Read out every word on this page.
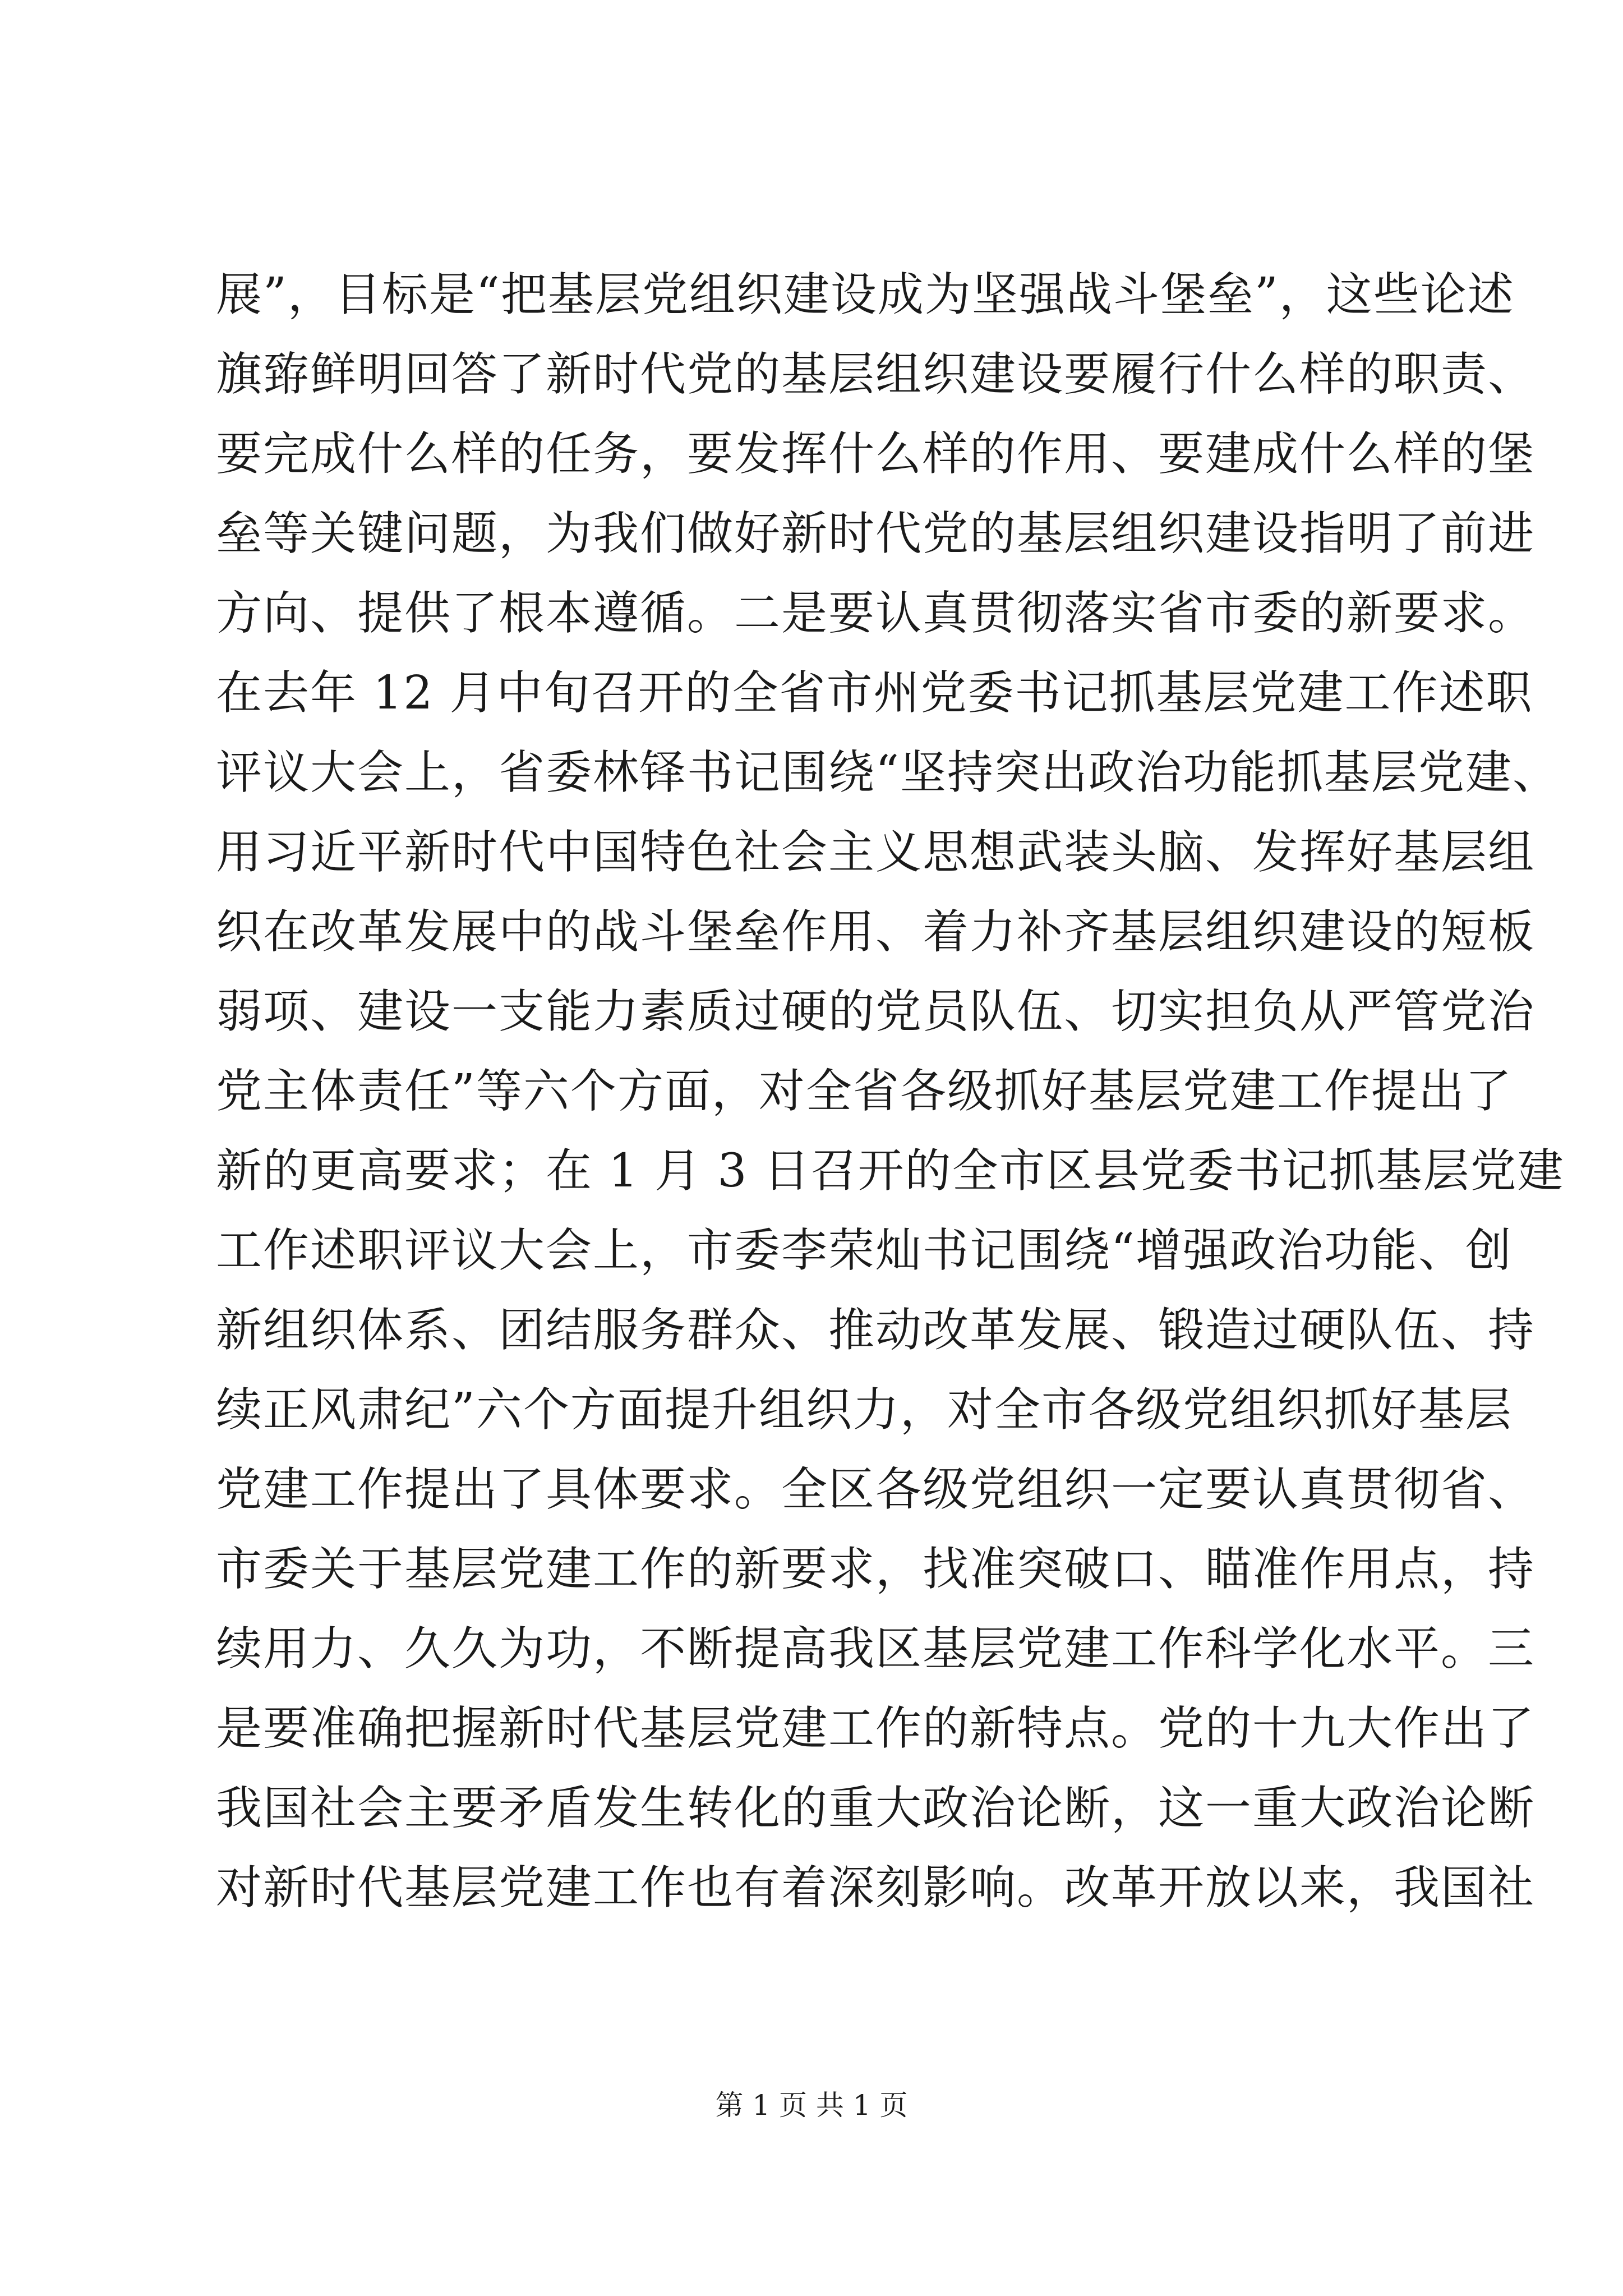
展”，目标是“把基层党组织建设成为坚强战斗堡垒”，这些论述
旗臶鲜明回答了新时代党的基层组织建设要履行什么样的职责、
要完成什么样的任务，要发挥什么样的作用、要建成什么样的堡
垒等关键问题，为我们做好新时代党的基层组织建设指明了前进
方向、提供了根本遵循。二是要认真贯彻落实省市委的新要求。
在去年 12 月中旬召开的全省市州党委书记抓基层党建工作述职
评议大会上，省委林铎书记围绕“坚持突出政治功能抓基层党建、
用习近平新时代中国特色社会主义思想武装头脑、发挥好基层组
织在改革发展中的战斗堡垒作用、着力补齐基层组织建设的短板
弱项、建设一支能力素质过硬的党员队伍、切实担负从严管党治
党主体责任”等六个方面，对全省各级抓好基层党建工作提出了
新的更高要求；在 1 月 3 日召开的全市区县党委书记抓基层党建
工作述职评议大会上，市委李荣灿书记围绕“增强政治功能、创
新组织体系、团结服务群众、推动改革发展、锻造过硬队伍、持
续正风肃纪”六个方面提升组织力，对全市各级党组织抓好基层
党建工作提出了具体要求。全区各级党组织一定要认真贯彻省、
市委关于基层党建工作的新要求，找准突破口、瞄准作用点，持
续用力、久久为功，不断提高我区基层党建工作科学化水平。三
是要准确把握新时代基层党建工作的新特点。党的十九大作出了
我国社会主要矛盾发生转化的重大政治论断，这一重大政治论断
对新时代基层党建工作也有着深刻影响。改革开放以来，我国社
第 1 页 共 1 页
